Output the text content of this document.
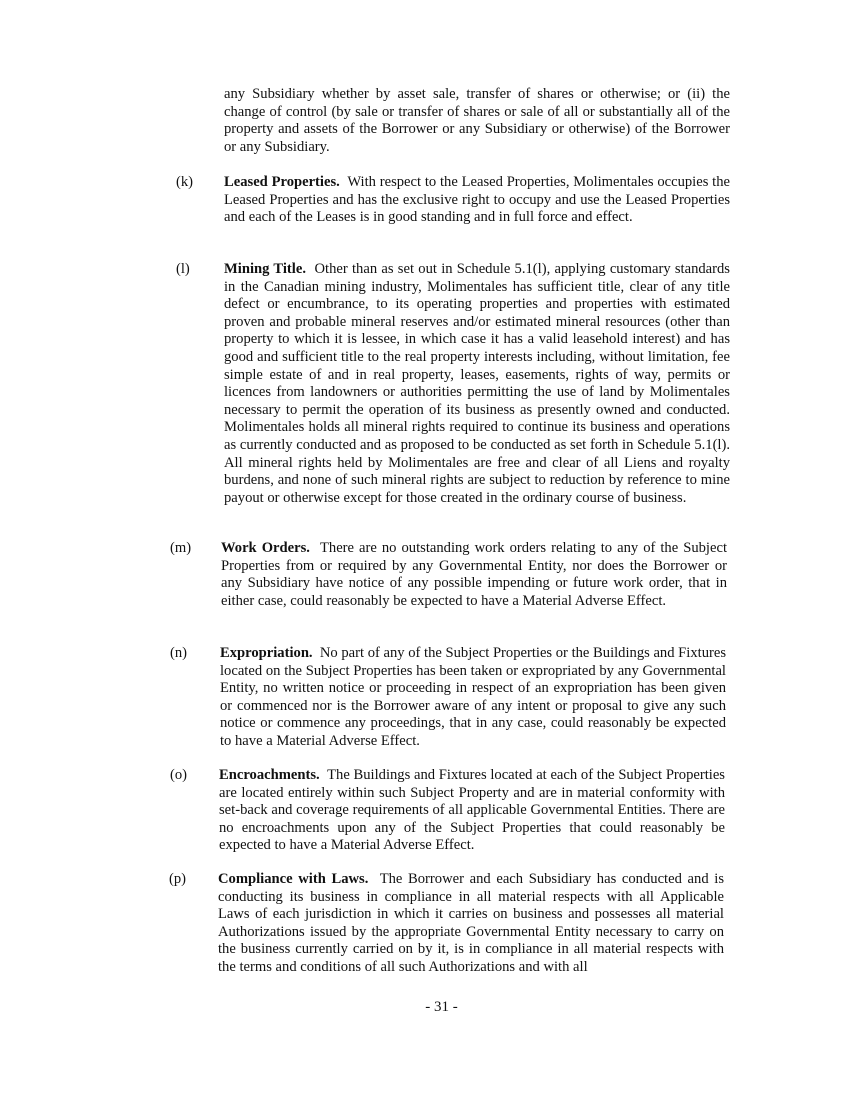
any Subsidiary whether by asset sale, transfer of shares or otherwise; or (ii) the change of control (by sale or transfer of shares or sale of all or substantially all of the property and assets of the Borrower or any Subsidiary or otherwise) of the Borrower or any Subsidiary.
(k) Leased Properties. With respect to the Leased Properties, Molimentales occupies the Leased Properties and has the exclusive right to occupy and use the Leased Properties and each of the Leases is in good standing and in full force and effect.
(l) Mining Title. Other than as set out in Schedule 5.1(l), applying customary standards in the Canadian mining industry, Molimentales has sufficient title, clear of any title defect or encumbrance, to its operating properties and properties with estimated proven and probable mineral reserves and/or estimated mineral resources (other than property to which it is lessee, in which case it has a valid leasehold interest) and has good and sufficient title to the real property interests including, without limitation, fee simple estate of and in real property, leases, easements, rights of way, permits or licences from landowners or authorities permitting the use of land by Molimentales necessary to permit the operation of its business as presently owned and conducted. Molimentales holds all mineral rights required to continue its business and operations as currently conducted and as proposed to be conducted as set forth in Schedule 5.1(l). All mineral rights held by Molimentales are free and clear of all Liens and royalty burdens, and none of such mineral rights are subject to reduction by reference to mine payout or otherwise except for those created in the ordinary course of business.
(m) Work Orders. There are no outstanding work orders relating to any of the Subject Properties from or required by any Governmental Entity, nor does the Borrower or any Subsidiary have notice of any possible impending or future work order, that in either case, could reasonably be expected to have a Material Adverse Effect.
(n) Expropriation. No part of any of the Subject Properties or the Buildings and Fixtures located on the Subject Properties has been taken or expropriated by any Governmental Entity, no written notice or proceeding in respect of an expropriation has been given or commenced nor is the Borrower aware of any intent or proposal to give any such notice or commence any proceedings, that in any case, could reasonably be expected to have a Material Adverse Effect.
(o) Encroachments. The Buildings and Fixtures located at each of the Subject Properties are located entirely within such Subject Property and are in material conformity with set-back and coverage requirements of all applicable Governmental Entities. There are no encroachments upon any of the Subject Properties that could reasonably be expected to have a Material Adverse Effect.
(p) Compliance with Laws. The Borrower and each Subsidiary has conducted and is conducting its business in compliance in all material respects with all Applicable Laws of each jurisdiction in which it carries on business and possesses all material Authorizations issued by the appropriate Governmental Entity necessary to carry on the business currently carried on by it, is in compliance in all material respects with the terms and conditions of all such Authorizations and with all
- 31 -
